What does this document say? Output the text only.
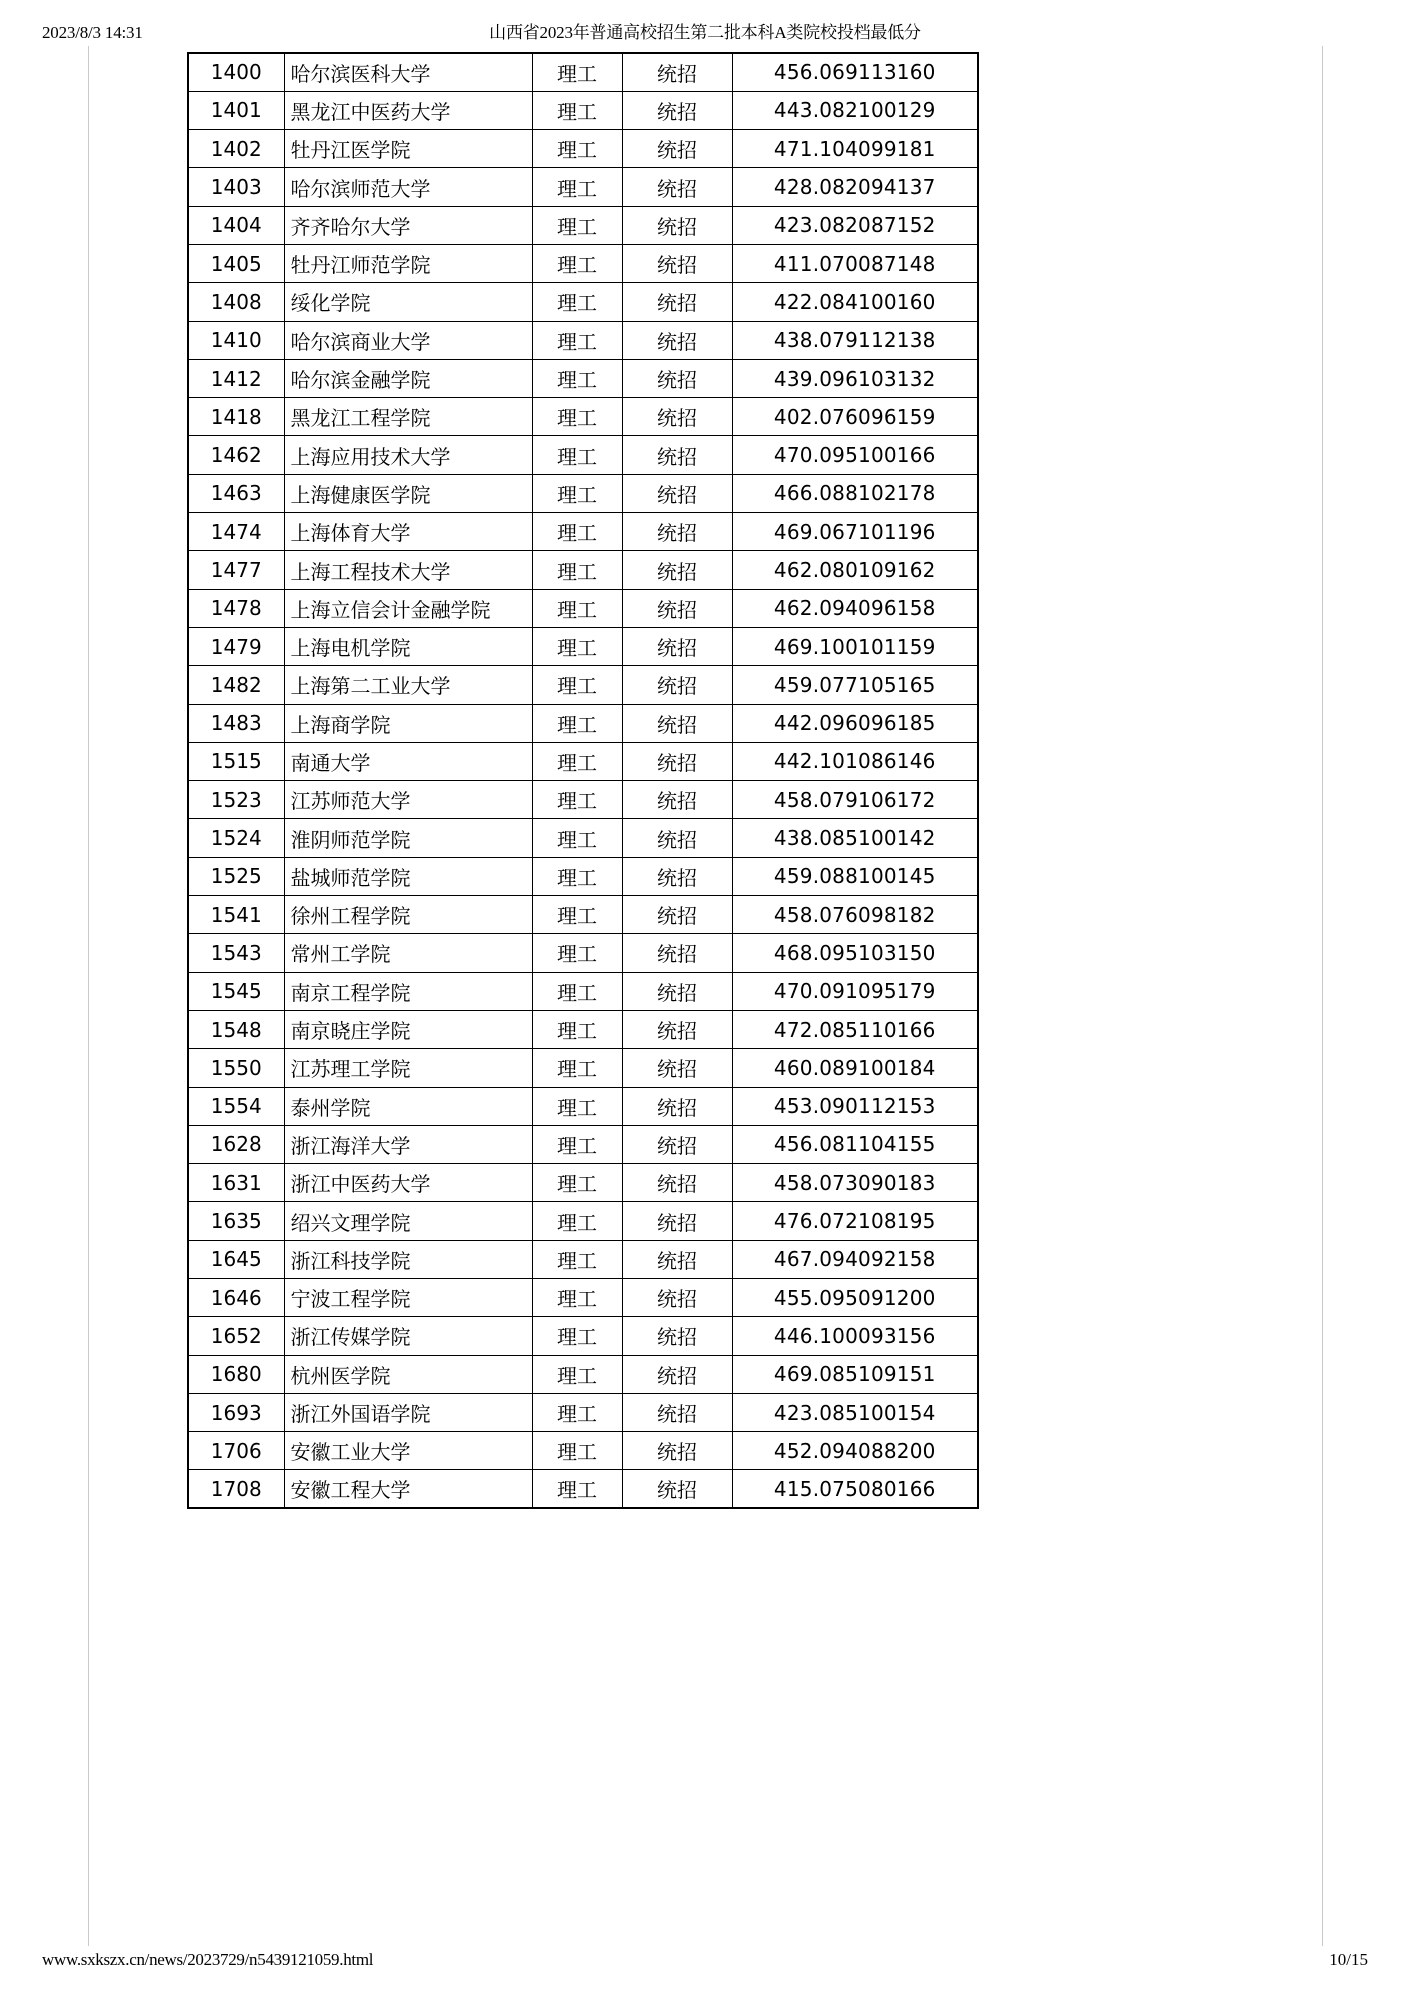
2023/8/3 14:31	山西省2023年普通高校招生第二批本科A类院校投档最低分
1400	哈尔滨医科大学	理工	统招	456.069113160
1401	黑龙江中医药大学	理工	统招	443.082100129
1402	牡丹江医学院	理工	统招	471.104099181
1403	哈尔滨师范大学	理工	统招	428.082094137
1404	齐齐哈尔大学	理工	统招	423.082087152
1405	牡丹江师范学院	理工	统招	411.070087148
1408	绥化学院	理工	统招	422.084100160
1410	哈尔滨商业大学	理工	统招	438.079112138
1412	哈尔滨金融学院	理工	统招	439.096103132
1418	黑龙江工程学院	理工	统招	402.076096159
1462	上海应用技术大学	理工	统招	470.095100166
1463	上海健康医学院	理工	统招	466.088102178
1474	上海体育大学	理工	统招	469.067101196
1477	上海工程技术大学	理工	统招	462.080109162
1478	上海立信会计金融学院	理工	统招	462.094096158
1479	上海电机学院	理工	统招	469.100101159
1482	上海第二工业大学	理工	统招	459.077105165
1483	上海商学院	理工	统招	442.096096185
1515	南通大学	理工	统招	442.101086146
1523	江苏师范大学	理工	统招	458.079106172
1524	淮阴师范学院	理工	统招	438.085100142
1525	盐城师范学院	理工	统招	459.088100145
1541	徐州工程学院	理工	统招	458.076098182
1543	常州工学院	理工	统招	468.095103150
1545	南京工程学院	理工	统招	470.091095179
1548	南京晓庄学院	理工	统招	472.085110166
1550	江苏理工学院	理工	统招	460.089100184
1554	泰州学院	理工	统招	453.090112153
1628	浙江海洋大学	理工	统招	456.081104155
1631	浙江中医药大学	理工	统招	458.073090183
1635	绍兴文理学院	理工	统招	476.072108195
1645	浙江科技学院	理工	统招	467.094092158
1646	宁波工程学院	理工	统招	455.095091200
1652	浙江传媒学院	理工	统招	446.100093156
1680	杭州医学院	理工	统招	469.085109151
1693	浙江外国语学院	理工	统招	423.085100154
1706	安徽工业大学	理工	统招	452.094088200
1708	安徽工程大学	理工	统招	415.075080166
www.sxkszx.cn/news/2023729/n5439121059.html	10/15
